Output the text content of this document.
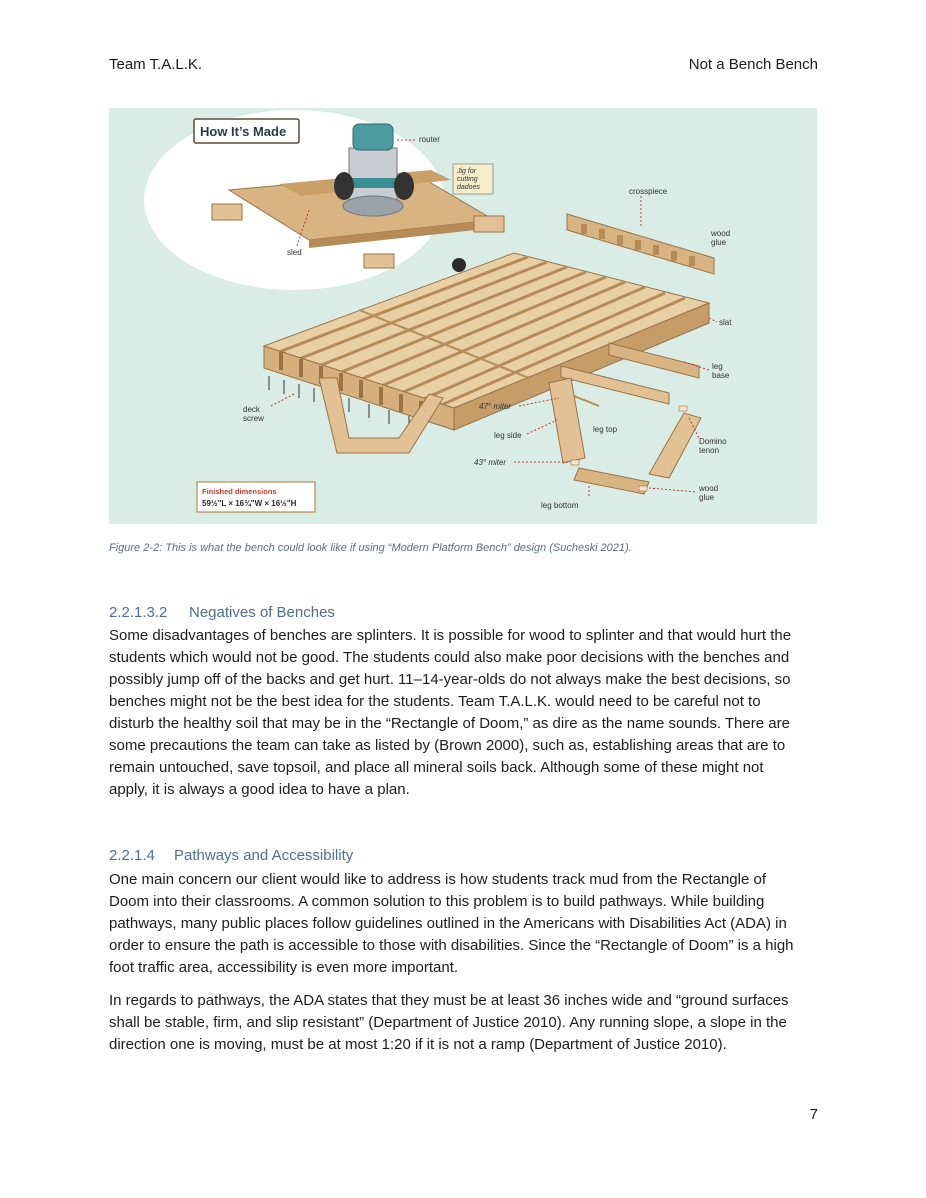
Team T.A.L.K.	Not a Bench Bench
How It’s Made
router
Jig for
cutting
dadoes
sled
crosspiece
wood
glue
slat
deck
screw
leg
base
47° miter
leg side
leg top
Domino
tenon
43° miter
wood
glue
leg bottom
Finished dimensions
59½"L × 16¾"W × 16½"H
Figure 2-2: This is what the bench could look like if using “Modern Platform Bench” design (Sucheski 2021).
2.2.1.3.2 Negatives of Benches
Some disadvantages of benches are splinters. It is possible for wood to splinter and that would hurt the
students which would not be good. The students could also make poor decisions with the benches and
possibly jump off of the backs and get hurt. 11–14-year-olds do not always make the best decisions, so
benches might not be the best idea for the students. Team T.A.L.K. would need to be careful not to
disturb the healthy soil that may be in the “Rectangle of Doom,” as dire as the name sounds. There are
some precautions the team can take as listed by (Brown 2000), such as, establishing areas that are to
remain untouched, save topsoil, and place all mineral soils back. Although some of these might not
apply, it is always a good idea to have a plan.
2.2.1.4 Pathways and Accessibility
One main concern our client would like to address is how students track mud from the Rectangle of
Doom into their classrooms. A common solution to this problem is to build pathways. While building
pathways, many public places follow guidelines outlined in the Americans with Disabilities Act (ADA) in
order to ensure the path is accessible to those with disabilities. Since the “Rectangle of Doom” is a high
foot traffic area, accessibility is even more important.
In regards to pathways, the ADA states that they must be at least 36 inches wide and “ground surfaces
shall be stable, firm, and slip resistant” (Department of Justice 2010). Any running slope, a slope in the
direction one is moving, must be at most 1:20 if it is not a ramp (Department of Justice 2010).
7
